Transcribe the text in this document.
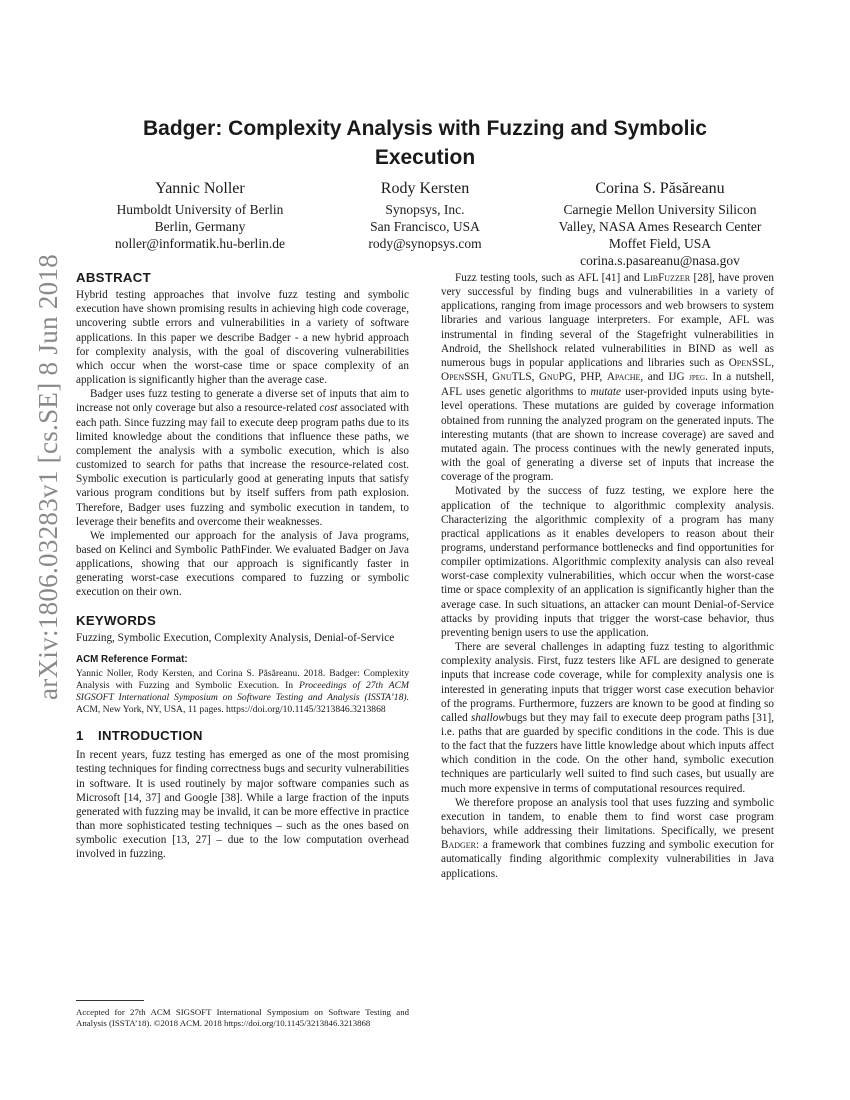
arXiv:1806.03283v1 [cs.SE] 8 Jun 2018
Badger: Complexity Analysis with Fuzzing and Symbolic Execution
Yannic Noller
Humboldt University of Berlin
Berlin, Germany
noller@informatik.hu-berlin.de
Rody Kersten
Synopsys, Inc.
San Francisco, USA
rody@synopsys.com
Corina S. Păsăreanu
Carnegie Mellon University Silicon
Valley, NASA Ames Research Center
Moffet Field, USA
corina.s.pasareanu@nasa.gov
ABSTRACT

Hybrid testing approaches that involve fuzz testing and symbolic execution have shown promising results in achieving high code coverage, uncovering subtle errors and vulnerabilities in a variety of software applications. In this paper we describe Badger - a new hybrid approach for complexity analysis, with the goal of discovering vulnerabilities which occur when the worst-case time or space complexity of an application is significantly higher than the average case.

Badger uses fuzz testing to generate a diverse set of inputs that aim to increase not only coverage but also a resource-related cost associated with each path. Since fuzzing may fail to execute deep program paths due to its limited knowledge about the conditions that influence these paths, we complement the analysis with a symbolic execution, which is also customized to search for paths that increase the resource-related cost. Symbolic execution is particularly good at generating inputs that satisfy various program conditions but by itself suffers from path explosion. Therefore, Badger uses fuzzing and symbolic execution in tandem, to leverage their benefits and overcome their weaknesses.

We implemented our approach for the analysis of Java programs, based on Kelinci and Symbolic PathFinder. We evaluated Badger on Java applications, showing that our approach is significantly faster in generating worst-case executions compared to fuzzing or symbolic execution on their own.

KEYWORDS

Fuzzing, Symbolic Execution, Complexity Analysis, Denial-of-Service

ACM Reference Format:
Yannic Noller, Rody Kersten, and Corina S. Păsăreanu. 2018. Badger: Complexity Analysis with Fuzzing and Symbolic Execution. In Proceedings of 27th ACM SIGSOFT International Symposium on Software Testing and Analysis (ISSTA’18). ACM, New York, NY, USA, 11 pages. https://doi.org/10.1145/3213846.3213868
1 INTRODUCTION

In recent years, fuzz testing has emerged as one of the most promising testing techniques for finding correctness bugs and security vulnerabilities in software. It is used routinely by major software companies such as Microsoft [14, 37] and Google [38]. While a large fraction of the inputs generated with fuzzing may be invalid, it can be more effective in practice than more sophisticated testing techniques – such as the ones based on symbolic execution [13, 27] – due to the low computation overhead involved in fuzzing.

Accepted for 27th ACM SIGSOFT International Symposium on Software Testing and Analysis (ISSTA’18). ©2018 ACM. 2018 https://doi.org/10.1145/3213846.3213868

Fuzz testing tools, such as AFL [41] and LibFuzzer [28], have proven very successful by finding bugs and vulnerabilities in a variety of applications, ranging from image processors and web browsers to system libraries and various language interpreters. For example, AFL was instrumental in finding several of the Stagefright vulnerabilities in Android, the Shellshock related vulnerabilities in BIND as well as numerous bugs in popular applications and libraries such as OpenSSL, OpenSSH, GnuTLS, GnuPG, PHP, Apache, and IJG jpeg. In a nutshell, AFL uses genetic algorithms to mutate user-provided inputs using byte-level operations. These mutations are guided by coverage information obtained from running the analyzed program on the generated inputs. The interesting mutants (that are shown to increase coverage) are saved and mutated again. The process continues with the newly generated inputs, with the goal of generating a diverse set of inputs that increase the coverage of the program.

Motivated by the success of fuzz testing, we explore here the application of the technique to algorithmic complexity analysis. Characterizing the algorithmic complexity of a program has many practical applications as it enables developers to reason about their programs, understand performance bottlenecks and find opportunities for compiler optimizations. Algorithmic complexity analysis can also reveal worst-case complexity vulnerabilities, which occur when the worst-case time or space complexity of an application is significantly higher than the average case. In such situations, an attacker can mount Denial-of-Service attacks by providing inputs that trigger the worst-case behavior, thus preventing benign users to use the application.

There are several challenges in adapting fuzz testing to algorithmic complexity analysis. First, fuzz testers like AFL are designed to generate inputs that increase code coverage, while for complexity analysis one is interested in generating inputs that trigger worst case execution behavior of the programs. Furthermore, fuzzers are known to be good at finding so called shallowbugs but they may fail to execute deep program paths [31], i.e. paths that are guarded by specific conditions in the code. This is due to the fact that the fuzzers have little knowledge about which inputs affect which condition in the code. On the other hand, symbolic execution techniques are particularly well suited to find such cases, but usually are much more expensive in terms of computational resources required.

We therefore propose an analysis tool that uses fuzzing and symbolic execution in tandem, to enable them to find worst case program behaviors, while addressing their limitations. Specifically, we present Badger: a framework that combines fuzzing and symbolic execution for automatically finding algorithmic complexity vulnerabilities in Java applications.
